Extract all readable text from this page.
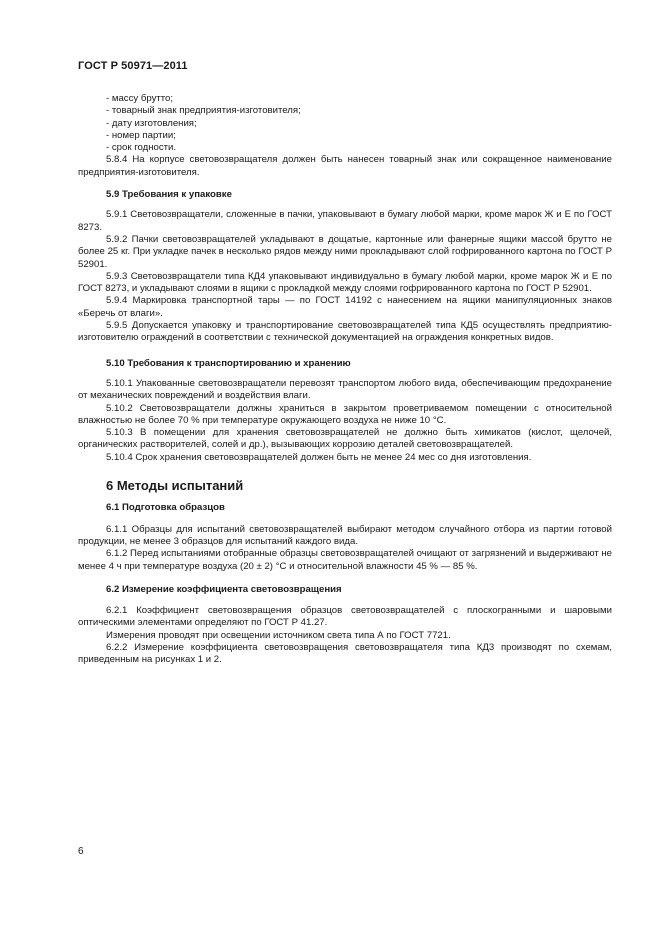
ГОСТ Р 50971—2011

- массу брутто;

- товарный знак предприятия-изготовителя;

- дату изготовления;

- номер партии;

- срок годности.

5.8.4 На корпусе световозвращателя должен быть нанесен товарный знак или сокращенное наименование предприятия-изготовителя.

5.9 Требования к упаковке

5.9.1 Световозвращатели, сложенные в пачки, упаковывают в бумагу любой марки, кроме марок Ж и Е по ГОСТ 8273.

5.9.2 Пачки световозвращателей укладывают в дощатые, картонные или фанерные ящики массой брутто не более 25 кг. При укладке пачек в несколько рядов между ними прокладывают слой гофрированного картона по ГОСТ Р 52901.

5.9.3 Световозвращатели типа КД4 упаковывают индивидуально в бумагу любой марки, кроме марок Ж и Е по ГОСТ 8273, и укладывают слоями в ящики с прокладкой между слоями гофрированного картона по ГОСТ Р 52901.

5.9.4 Маркировка транспортной тары — по ГОСТ 14192 с нанесением на ящики манипуляционных знаков «Беречь от влаги».

5.9.5 Допускается упаковку и транспортирование световозвращателей типа КД5 осуществлять предприятию-изготовителю ограждений в соответствии с технической документацией на ограждения конкретных видов.

5.10 Требования к транспортированию и хранению

5.10.1 Упакованные световозвращатели перевозят транспортом любого вида, обеспечивающим предохранение от механических повреждений и воздействия влаги.

5.10.2 Световозвращатели должны храниться в закрытом проветриваемом помещении с относительной влажностью не более 70 % при температуре окружающего воздуха не ниже 10 °С.

5.10.3 В помещении для хранения световозвращателей не должно быть химикатов (кислот, щелочей, органических растворителей, солей и др.), вызывающих коррозию деталей световозвращателей.

5.10.4 Срок хранения световозвращателей должен быть не менее 24 мес со дня изготовления.

6 Методы испытаний

6.1 Подготовка образцов

6.1.1 Образцы для испытаний световозвращателей выбирают методом случайного отбора из партии готовой продукции, не менее 3 образцов для испытаний каждого вида.

6.1.2 Перед испытаниями отобранные образцы световозвращателей очищают от загрязнений и выдерживают не менее 4 ч при температуре воздуха (20 ± 2) °С и относительной влажности 45 % — 85 %.

6.2 Измерение коэффициента световозвращения

6.2.1 Коэффициент световозвращения образцов световозвращателей с плоскогранными и шаровыми оптическими элементами определяют по ГОСТ Р 41.27.

Измерения проводят при освещении источником света типа А по ГОСТ 7721.

6.2.2 Измерение коэффициента световозвращения световозвращателя типа КД3 производят по схемам, приведенным на рисунках 1 и 2.

6
